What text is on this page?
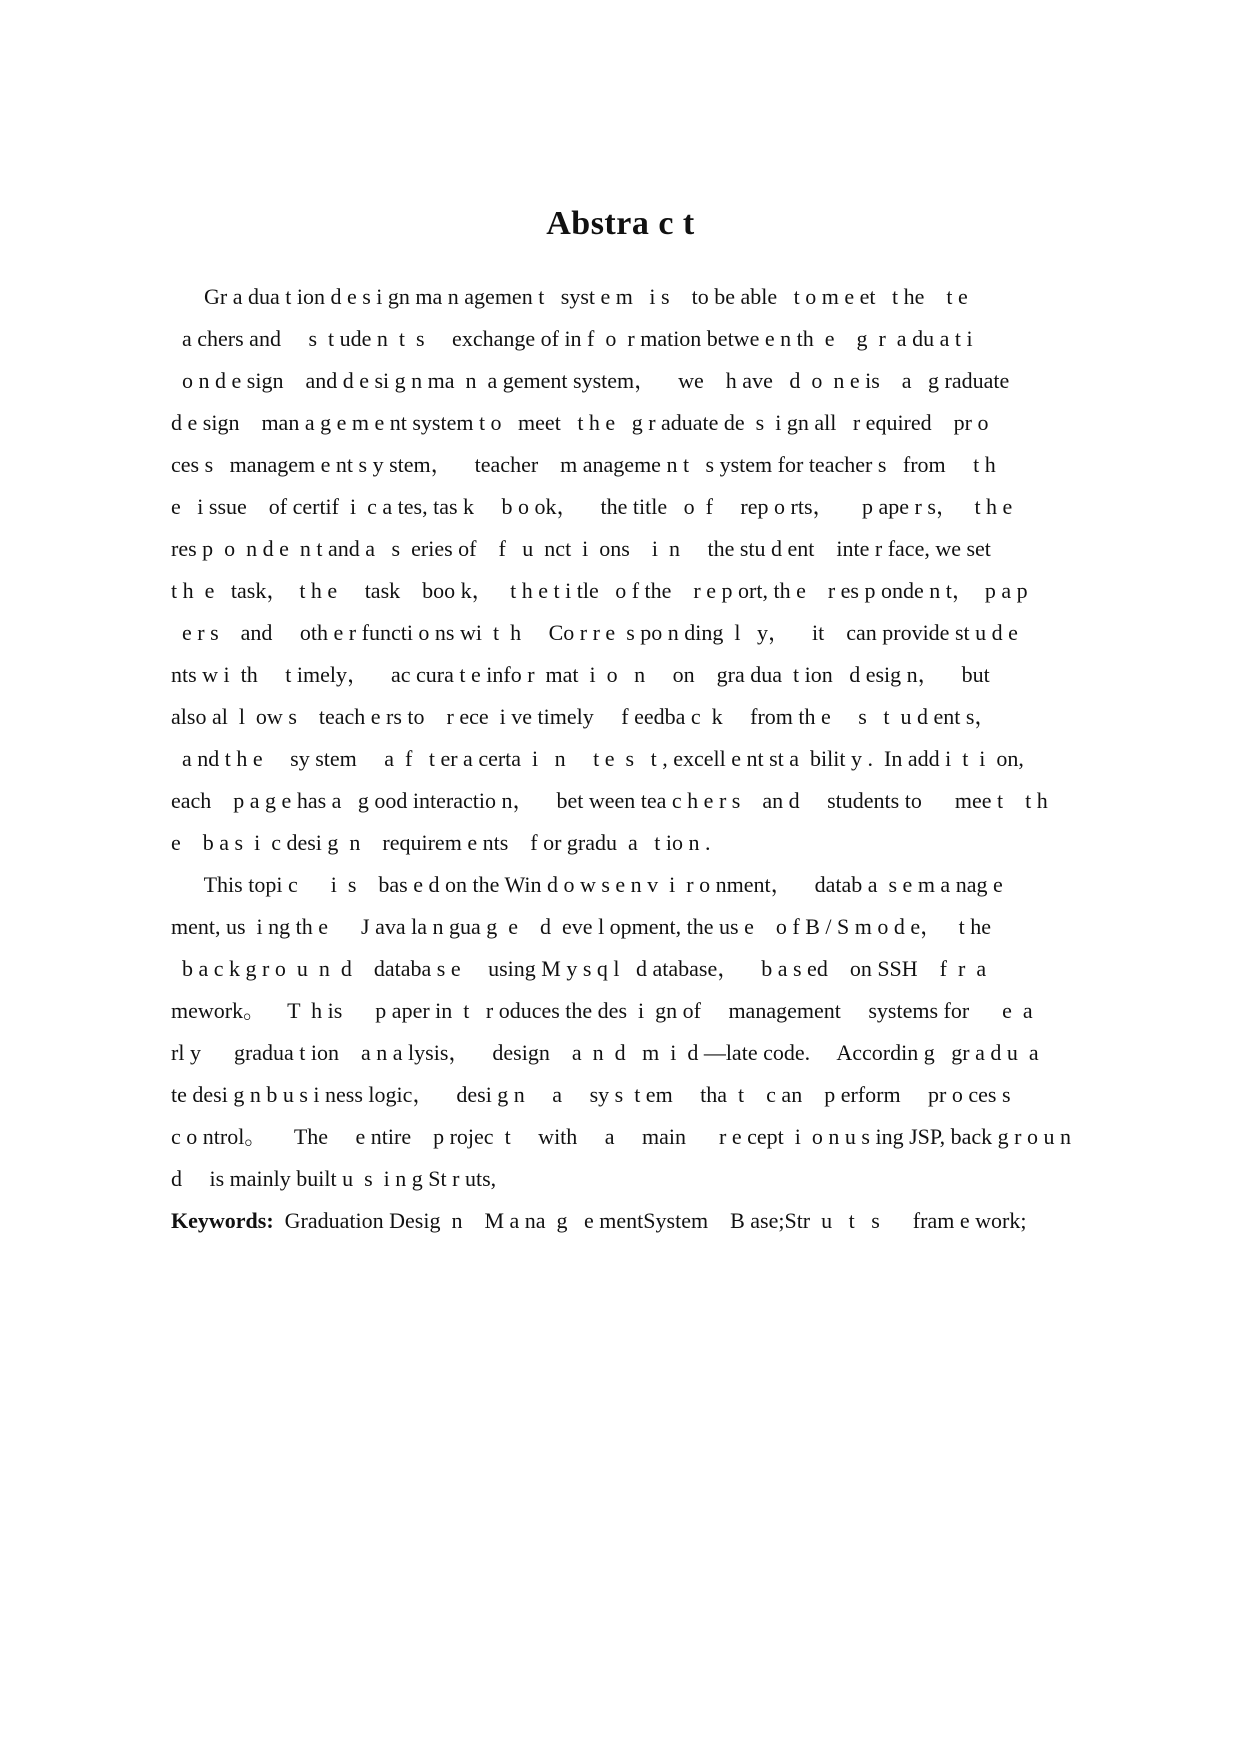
Abstra c t

Gr a dua t ion d e s i gn ma n agemen t   syst e m   i s    to be able   t o m e et   t he    t e

a chers and     s  t ude n  t  s     exchange of in f  o  r mation betwe e n th  e    g  r  a du a t i

o n d e sign    and d e si g n ma  n  a gement system，    we    h ave   d  o  n e is    a   g raduate

d e sign    man a g e m e nt system t o   meet   t h e   g r aduate de  s  i gn all   r equired    pr o

ces s   managem e nt s y stem，    teacher    m anageme n t   s ystem for teacher s   from     t h

e   i ssue    of certif  i  c a tes, tas k     b o ok，    the title   o  f     rep o rts，     p ape r s，   t h e

res p  o  n d e  n t and a   s  eries of    f   u  nct  i  ons    i  n     the stu d ent    inte r face, we set

t h  e   task，  t h e     task    boo k，   t h e t i tle   o f the    r e p ort, th e    r es p onde n t，  p a p

e r s    and     oth e r functi o ns wi  t  h     Co r r e  s po n ding  l   y，    it    can provide st u d e

nts w i  th     t imely，    ac cura t e info r  mat  i  o   n     on    gra dua  t ion   d esig n，    but

also al  l  ow s    teach e rs to    r ece  i ve timely     f eedba c  k     from th e     s   t  u d ent s，

a nd t h e     sy stem     a  f   t er a certa  i   n     t e  s   t , excell e nt st a  bilit y .  In add i  t  i  on,

each    p a g e has a   g ood interactio n，    bet ween tea c h e r s    an d     students to      mee t    t h

e    b a s  i  c desi g  n    requirem e nts    f or gradu  a   t io n .

This topi c      i  s    bas e d on the Win d o w s e n v  i  r o nment，    datab a  s e m a nag e

ment, us  i ng th e      J ava la n gua g  e    d  eve l opment, the us e    o f B / S m o d e，   t he

b a c k g r o  u  n  d    databa s e     using M y s q l   d atabase，    b a s ed    on SSH    f  r  a

mework。    T  h is      p aper in  t   r oduces the des  i  gn of     management     systems for      e  a

rl y      gradua t ion    a n a lysis，    design    a  n  d   m  i  d —late code.     Accordin g   gr a d u  a

te desi g n b u s i ness logic，    desi g n     a     sy s  t em     tha  t    c an    p erform     pr o ces s

c o ntrol。     The     e ntire    p rojec  t     with     a     main      r e cept  i  o n u s ing JSP, back g r o u n

d     is mainly built u  s  i n g St r uts,

Keywords:  Graduation Desig  n    M a na  g   e mentSystem    B ase;Str  u   t   s      fram e work;
